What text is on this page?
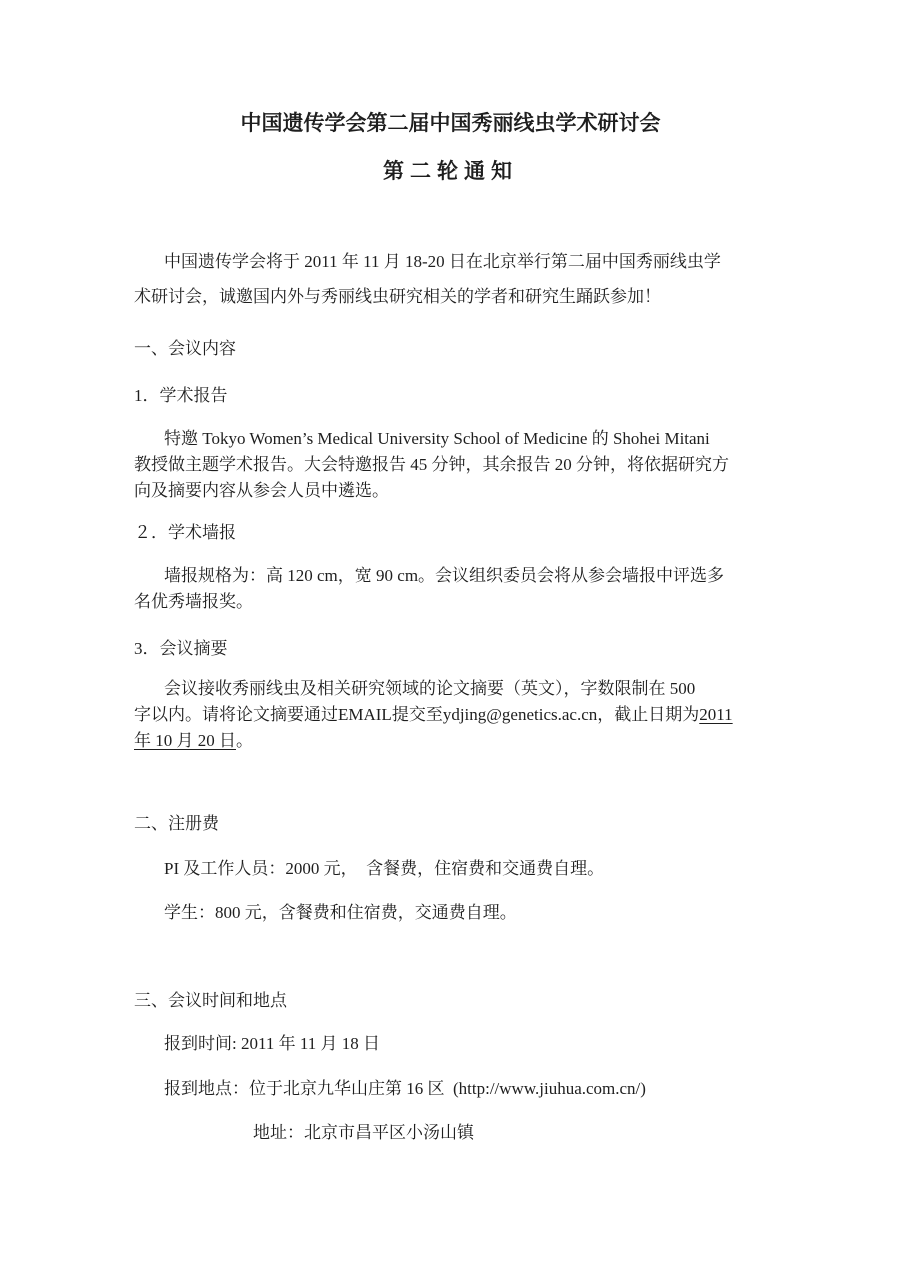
中国遗传学会第二届中国秀丽线虫学术研讨会
第二轮通知
中国遗传学会将于 2011 年 11 月 18-20 日在北京举行第二届中国秀丽线虫学
术研讨会，诚邀国内外与秀丽线虫研究相关的学者和研究生踊跃参加！
一、会议内容
1．学术报告
特邀 Tokyo Women’s Medical University School of Medicine 的 Shohei Mitani
教授做主题学术报告。大会特邀报告 45 分钟，其余报告 20 分钟，将依据研究方
向及摘要内容从参会人员中遴选。
２．学术墙报
墙报规格为：高 120 cm，宽 90 cm。会议组织委员会将从参会墙报中评选多
名优秀墙报奖。
3．会议摘要
会议接收秀丽线虫及相关研究领域的论文摘要（英文），字数限制在 500
字以内。请将论文摘要通过EMAIL提交至ydjing@genetics.ac.cn，截止日期为2011
年 10 月 20 日。
二、注册费
PI 及工作人员：2000 元，  含餐费，住宿费和交通费自理。
学生：800 元，含餐费和住宿费，交通费自理。
三、会议时间和地点
报到时间: 2011 年 11 月 18 日
报到地点：位于北京九华山庄第 16 区  (http://www.jiuhua.com.cn/)
地址：北京市昌平区小汤山镇
